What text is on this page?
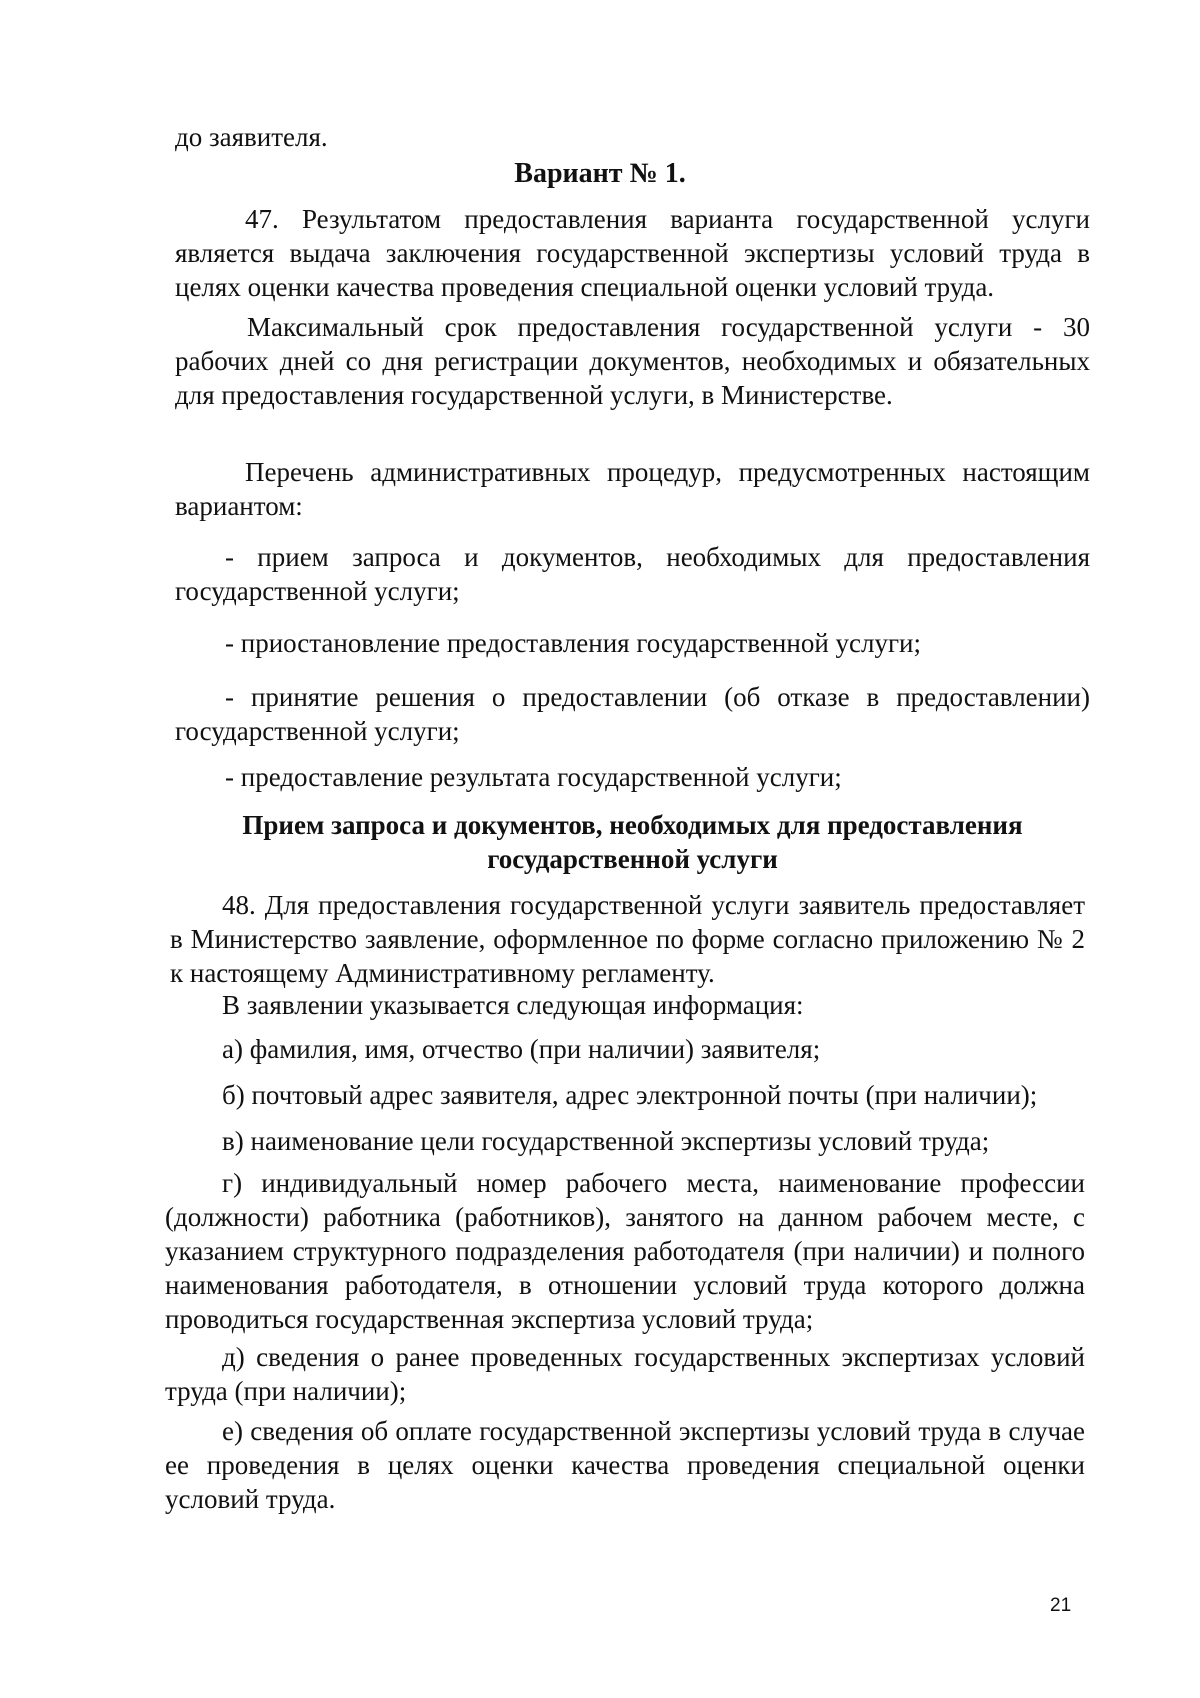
до заявителя.

Вариант № 1.

47. Результатом предоставления варианта государственной услуги является выдача заключения государственной экспертизы условий труда в целях оценки качества проведения специальной оценки условий труда.

Максимальный срок предоставления государственной услуги - 30 рабочих дней со дня регистрации документов, необходимых и обязательных для предоставления государственной услуги, в Министерстве.

Перечень административных процедур, предусмотренных настоящим вариантом:

- прием запроса и документов, необходимых для предоставления государственной услуги;

- приостановление предоставления государственной услуги;

- принятие решения о предоставлении (об отказе в предоставлении) государственной услуги;

- предоставление результата государственной услуги;

Прием запроса и документов, необходимых для предоставления

государственной услуги

48. Для предоставления государственной услуги заявитель предоставляет в Министерство заявление, оформленное по форме согласно приложению № 2 к настоящему Административному регламенту.

В заявлении указывается следующая информация:

а) фамилия, имя, отчество (при наличии) заявителя;

б) почтовый адрес заявителя, адрес электронной почты (при наличии);

в) наименование цели государственной экспертизы условий труда;

г) индивидуальный номер рабочего места, наименование профессии (должности) работника (работников), занятого на данном рабочем месте, с указанием структурного подразделения работодателя (при наличии) и полного наименования работодателя, в отношении условий труда которого должна проводиться государственная экспертиза условий труда;

д) сведения о ранее проведенных государственных экспертизах условий труда (при наличии);

е) сведения об оплате государственной экспертизы условий труда в случае ее проведения в целях оценки качества проведения специальной оценки условий труда.

21
